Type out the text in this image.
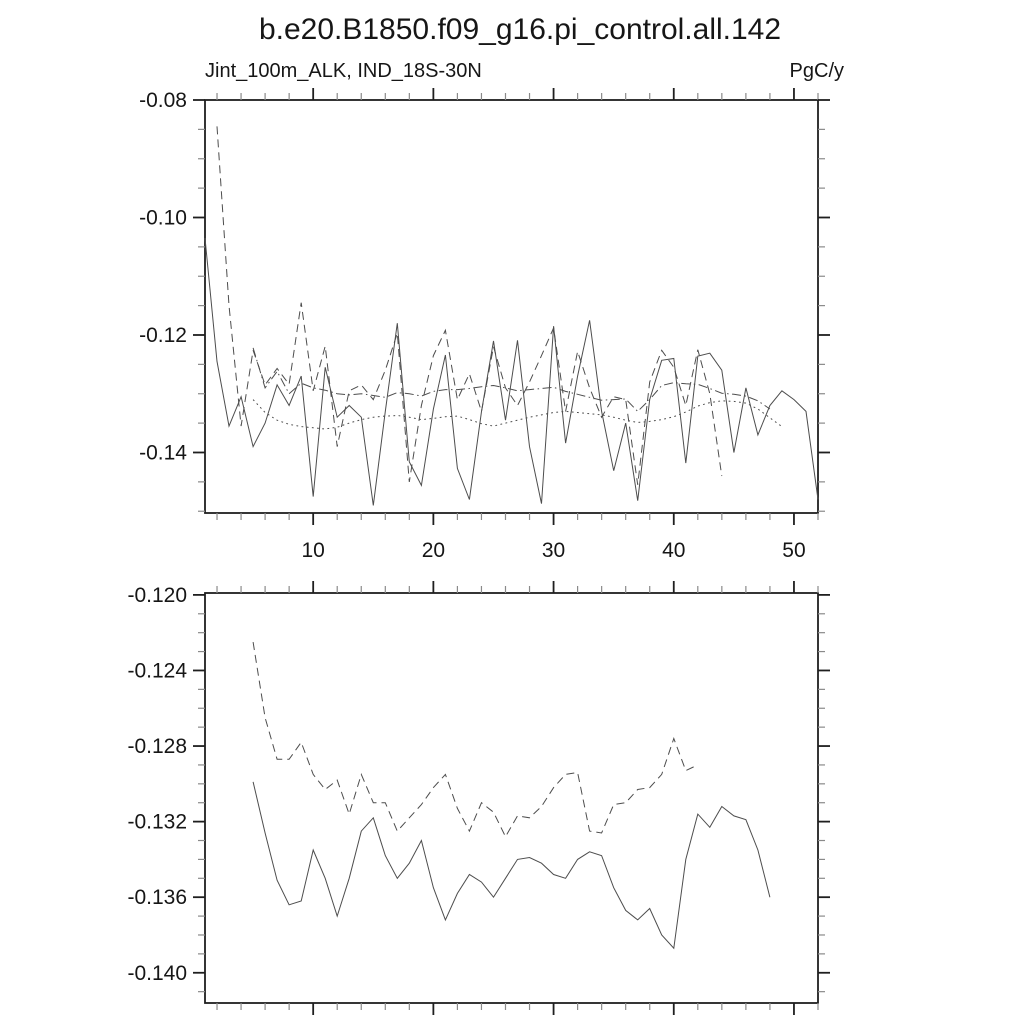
b.e20.B1850.f09_g16.pi_control.all.142
Jint_100m_ALK, IND_18S-30N	PgC/y
10	20	30	40	50
-0.08
-0.10
-0.12
-0.14
-0.120
-0.124
-0.128
-0.132
-0.136
-0.140
